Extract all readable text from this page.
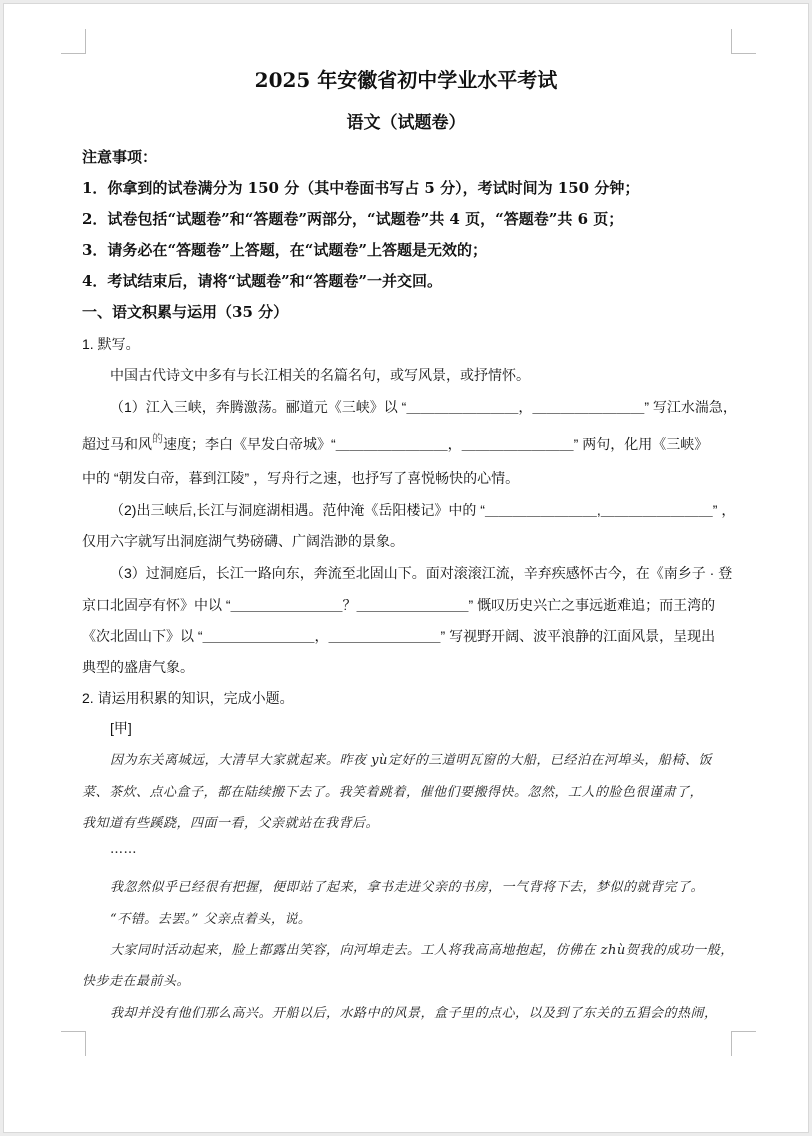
2025 年安徽省初中学业水平考试
语文（试题卷）
注意事项：
1．你拿到的试卷满分为 150 分（其中卷面书写占 5 分），考试时间为 150 分钟；
2．试卷包括“试题卷”和“答题卷”两部分，“试题卷”共 4 页，“答题卷”共 6 页；
3．请务必在“答题卷”上答题，在“试题卷”上答题是无效的；
4．考试结束后，请将“试题卷”和“答题卷”一并交回。
一、语文积累与运用（35 分）
1. 默写。
中国古代诗文中多有与长江相关的名篇名句，或写风景，或抒情怀。
（1）江入三峡，奔腾激荡。郦道元《三峡》以 “＿＿＿＿＿＿＿＿，＿＿＿＿＿＿＿＿” 写江水湍急，
超过马和风$^的$速度；李白《早发白帝城》“＿＿＿＿＿＿＿＿，＿＿＿＿＿＿＿＿” 两句，化用《三峡》
中的 “朝发白帝，暮到江陵” ，写舟行之速，也抒写了喜悦畅快的心情。
（2)出三峡后,长江与洞庭湖相遇。范仲淹《岳阳楼记》中的 “＿＿＿＿＿＿＿＿,＿＿＿＿＿＿＿＿” ，
仅用六字就写出洞庭湖气势磅礴、广阔浩渺的景象。
（3）过洞庭后，长江一路向东，奔流至北固山下。面对滚滚江流，辛弃疾感怀古今，在《南乡子 · 登
京口北固亭有怀》中以 “＿＿＿＿＿＿＿＿？＿＿＿＿＿＿＿＿” 慨叹历史兴亡之事远逝难追；而王湾的
《次北固山下》以 “＿＿＿＿＿＿＿＿，＿＿＿＿＿＿＿＿” 写视野开阔、波平浪静的江面风景，呈现出
典型的盛唐气象。
2. 请运用积累的知识，完成小题。
[甲]
因为东关离城远，大清早大家就起来。昨夜 yù定好的三道明瓦窗的大船，已经泊在河埠头，船椅、饭
菜、茶炊、点心盒子，都在陆续搬下去了。我笑着跳着，催他们要搬得快。忽然，工人的脸色很谨肃了，
我知道有些蹊跷，四面一看，父亲就站在我背后。
……
我忽然似乎已经很有把握，便即站了起来，拿书走进父亲的书房，一气背将下去，梦似的就背完了。
“不错。去罢。” 父亲点着头，说。
大家同时活动起来，脸上都露出笑容，向河埠走去。工人将我高高地抱起，仿佛在 zhù贺我的成功一般，
快步走在最前头。
我却并没有他们那么高兴。开船以后，水路中的风景，盒子里的点心，以及到了东关的五猖会的热闹，
